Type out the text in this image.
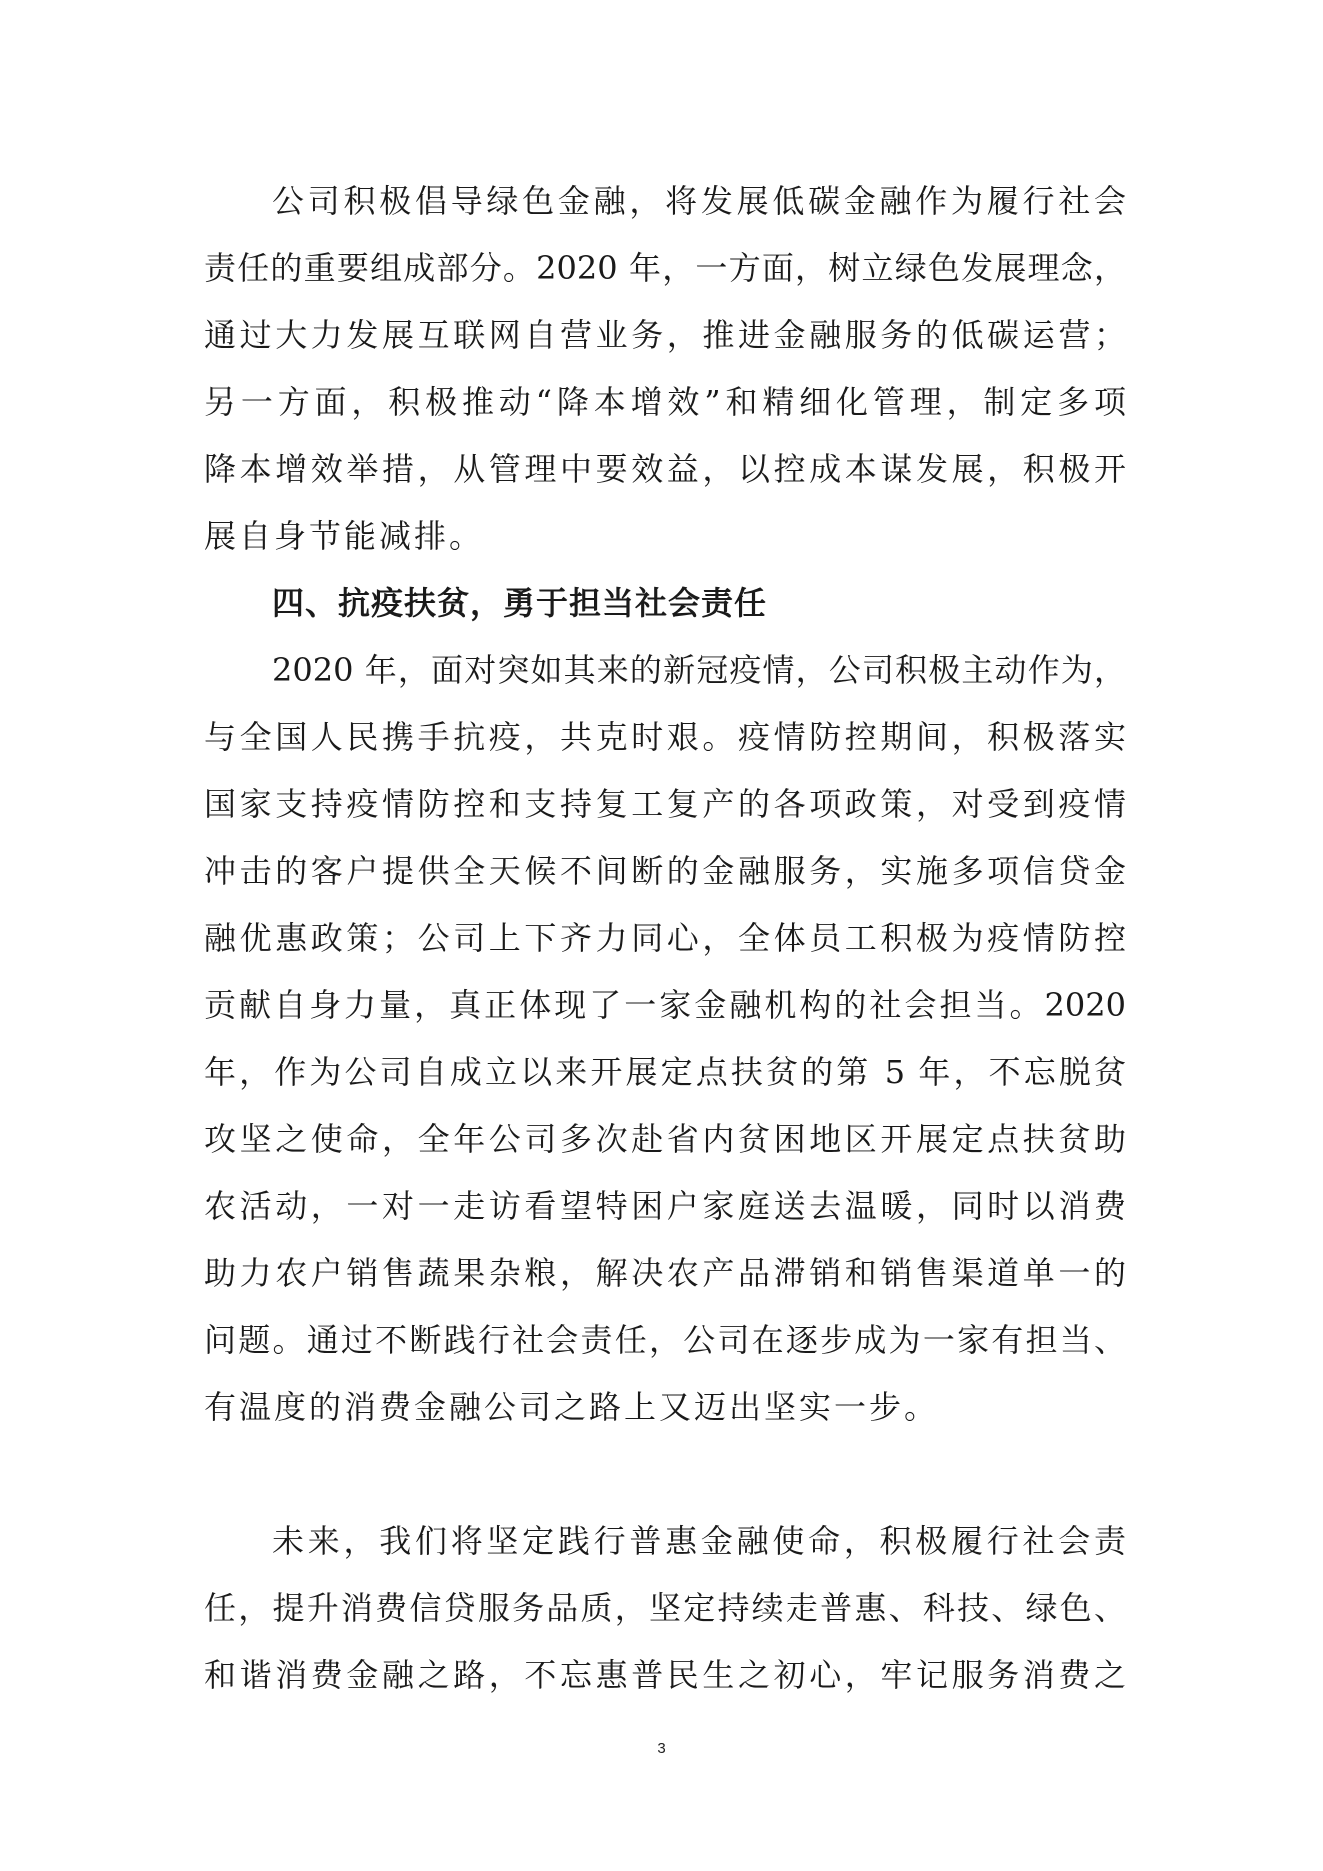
公司积极倡导绿色金融，将发展低碳金融作为履行社会
责任的重要组成部分。2020 年，一方面，树立绿色发展理念，
通过大力发展互联网自营业务，推进金融服务的低碳运营；
另一方面，积极推动“降本增效”和精细化管理，制定多项
降本增效举措，从管理中要效益，以控成本谋发展，积极开
展自身节能减排。
四、抗疫扶贫，勇于担当社会责任
2020 年，面对突如其来的新冠疫情，公司积极主动作为，
与全国人民携手抗疫，共克时艰。疫情防控期间，积极落实
国家支持疫情防控和支持复工复产的各项政策，对受到疫情
冲击的客户提供全天候不间断的金融服务，实施多项信贷金
融优惠政策；公司上下齐力同心，全体员工积极为疫情防控
贡献自身力量，真正体现了一家金融机构的社会担当。2020
年，作为公司自成立以来开展定点扶贫的第 5 年，不忘脱贫
攻坚之使命，全年公司多次赴省内贫困地区开展定点扶贫助
农活动，一对一走访看望特困户家庭送去温暖，同时以消费
助力农户销售蔬果杂粮，解决农产品滞销和销售渠道单一的
问题。通过不断践行社会责任，公司在逐步成为一家有担当、
有温度的消费金融公司之路上又迈出坚实一步。
未来，我们将坚定践行普惠金融使命，积极履行社会责
任，提升消费信贷服务品质，坚定持续走普惠、科技、绿色、
和谐消费金融之路，不忘惠普民生之初心，牢记服务消费之
3
